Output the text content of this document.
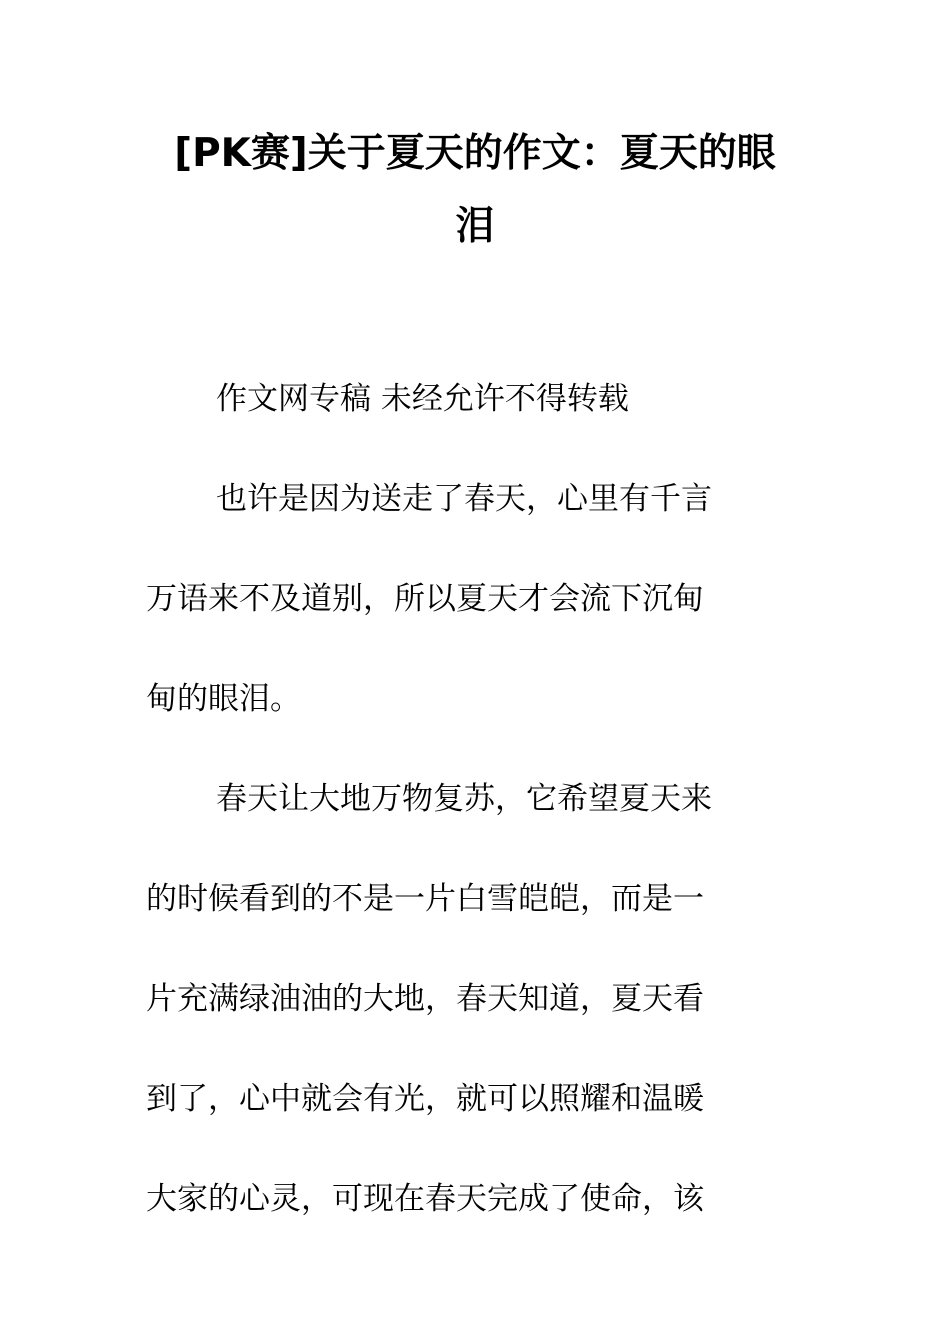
[PK赛]关于夏天的作文：夏天的眼
泪

作文网专稿 未经允许不得转载

也许是因为送走了春天，心里有千言

万语来不及道别，所以夏天才会流下沉甸

甸的眼泪。

春天让大地万物复苏，它希望夏天来

的时候看到的不是一片白雪皑皑，而是一

片充满绿油油的大地，春天知道，夏天看

到了，心中就会有光，就可以照耀和温暖

大家的心灵，可现在春天完成了使命，该
